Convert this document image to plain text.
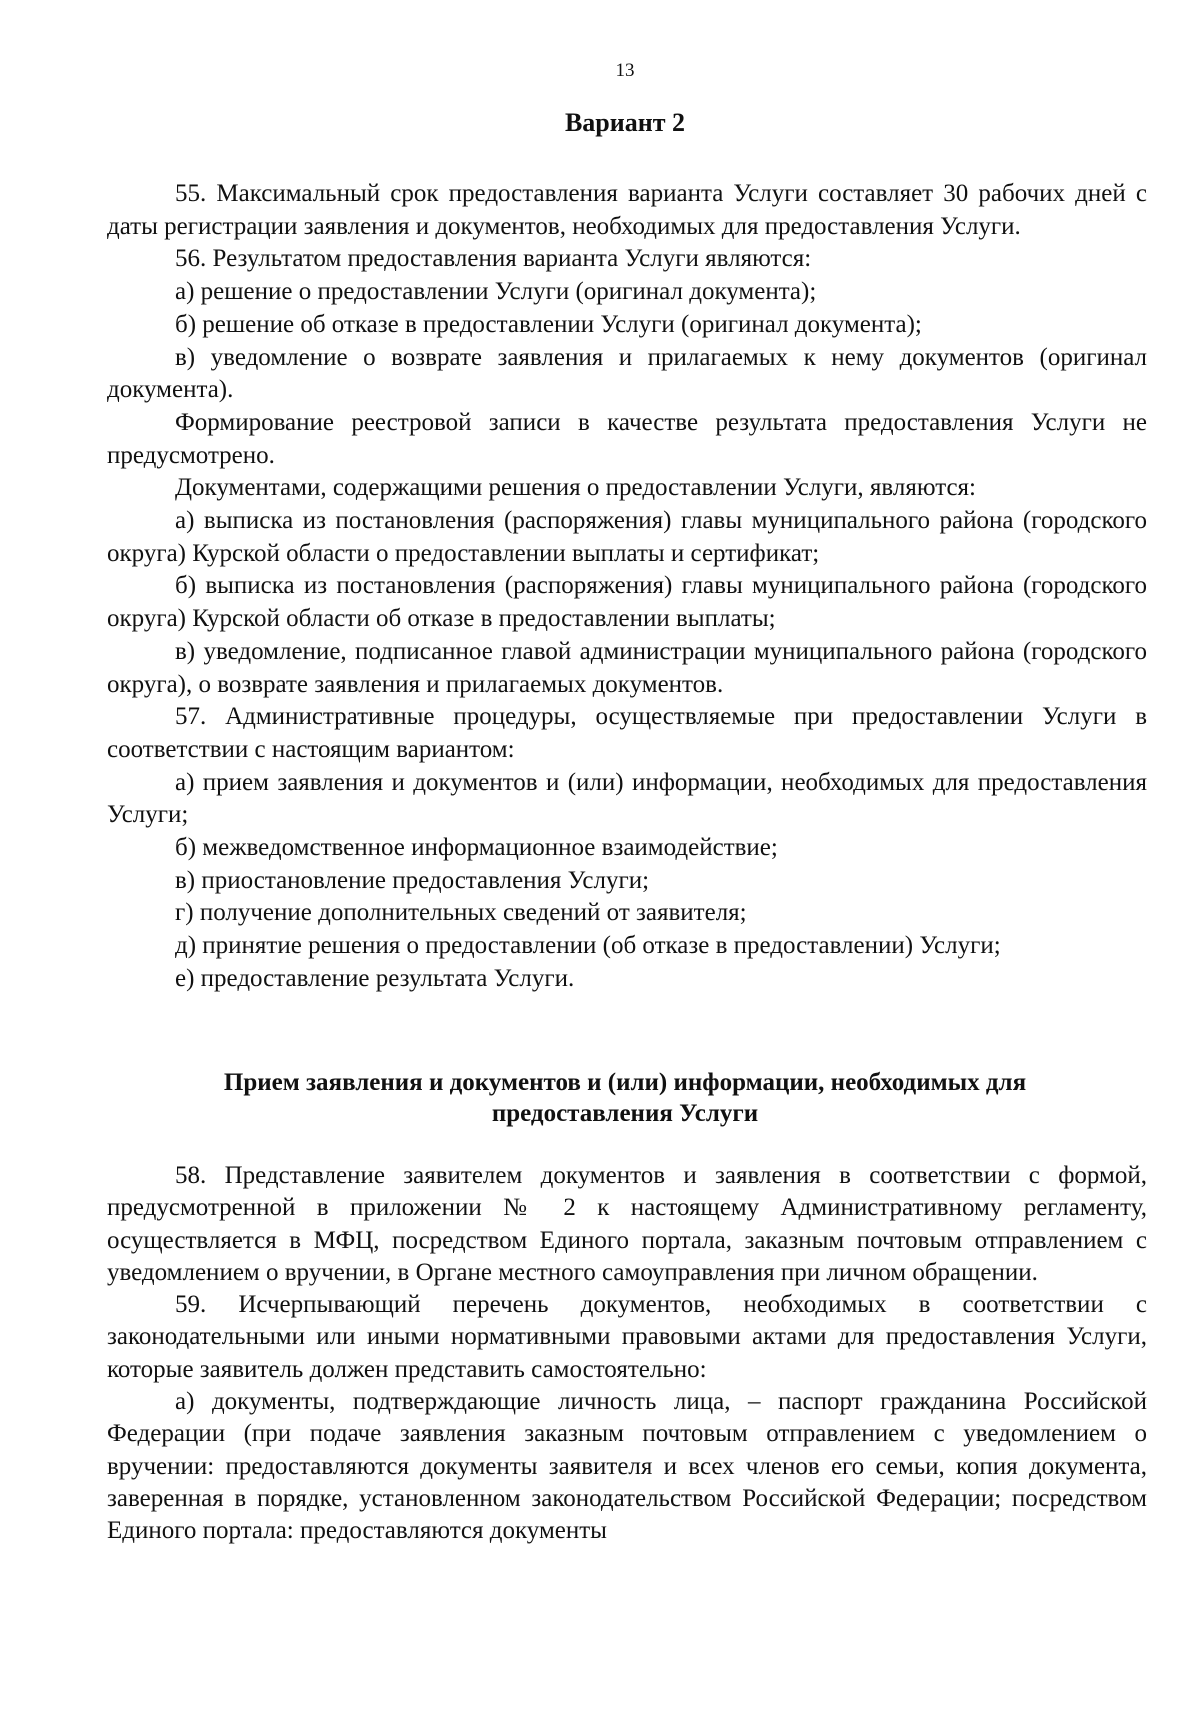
13
Вариант 2

55. Максимальный срок предоставления варианта Услуги составляет 30 рабочих дней с даты регистрации заявления и документов, необходимых для предоставления Услуги.

56. Результатом предоставления варианта Услуги являются:

а) решение о предоставлении Услуги (оригинал документа);

б) решение об отказе в предоставлении Услуги (оригинал документа);

в) уведомление о возврате заявления и прилагаемых к нему документов (оригинал документа).

Формирование реестровой записи в качестве результата предоставления Услуги не предусмотрено.

Документами, содержащими решения о предоставлении Услуги, являются:

а) выписка из постановления (распоряжения) главы муниципального района (городского округа) Курской области о предоставлении выплаты и сертификат;

б) выписка из постановления (распоряжения) главы муниципального района (городского округа) Курской области об отказе в предоставлении выплаты;

в) уведомление, подписанное главой администрации муниципального района (городского округа), о возврате заявления и прилагаемых документов.

57. Административные процедуры, осуществляемые при предоставлении Услуги в соответствии с настоящим вариантом:

а) прием заявления и документов и (или) информации, необходимых для предоставления Услуги;

б) межведомственное информационное взаимодействие;

в) приостановление предоставления Услуги;

г) получение дополнительных сведений от заявителя;

д) принятие решения о предоставлении (об отказе в предоставлении) Услуги;

е) предоставление результата Услуги.

Прием заявления и документов и (или) информации, необходимых для
предоставления Услуги

58. Представление заявителем документов и заявления в соответствии с формой, предусмотренной в приложении № 2 к настоящему Административному регламенту, осуществляется в МФЦ, посредством Единого портала, заказным почтовым отправлением с уведомлением о вручении, в Органе местного самоуправления при личном обращении.

59. Исчерпывающий перечень документов, необходимых в соответствии с законодательными или иными нормативными правовыми актами для предоставления Услуги, которые заявитель должен представить самостоятельно:

а) документы, подтверждающие личность лица, – паспорт гражданина Российской Федерации (при подаче заявления заказным почтовым отправлением с уведомлением о вручении: предоставляются документы заявителя и всех членов его семьи, копия документа, заверенная в порядке, установленном законодательством Российской Федерации; посредством Единого портала: предоставляются документы
